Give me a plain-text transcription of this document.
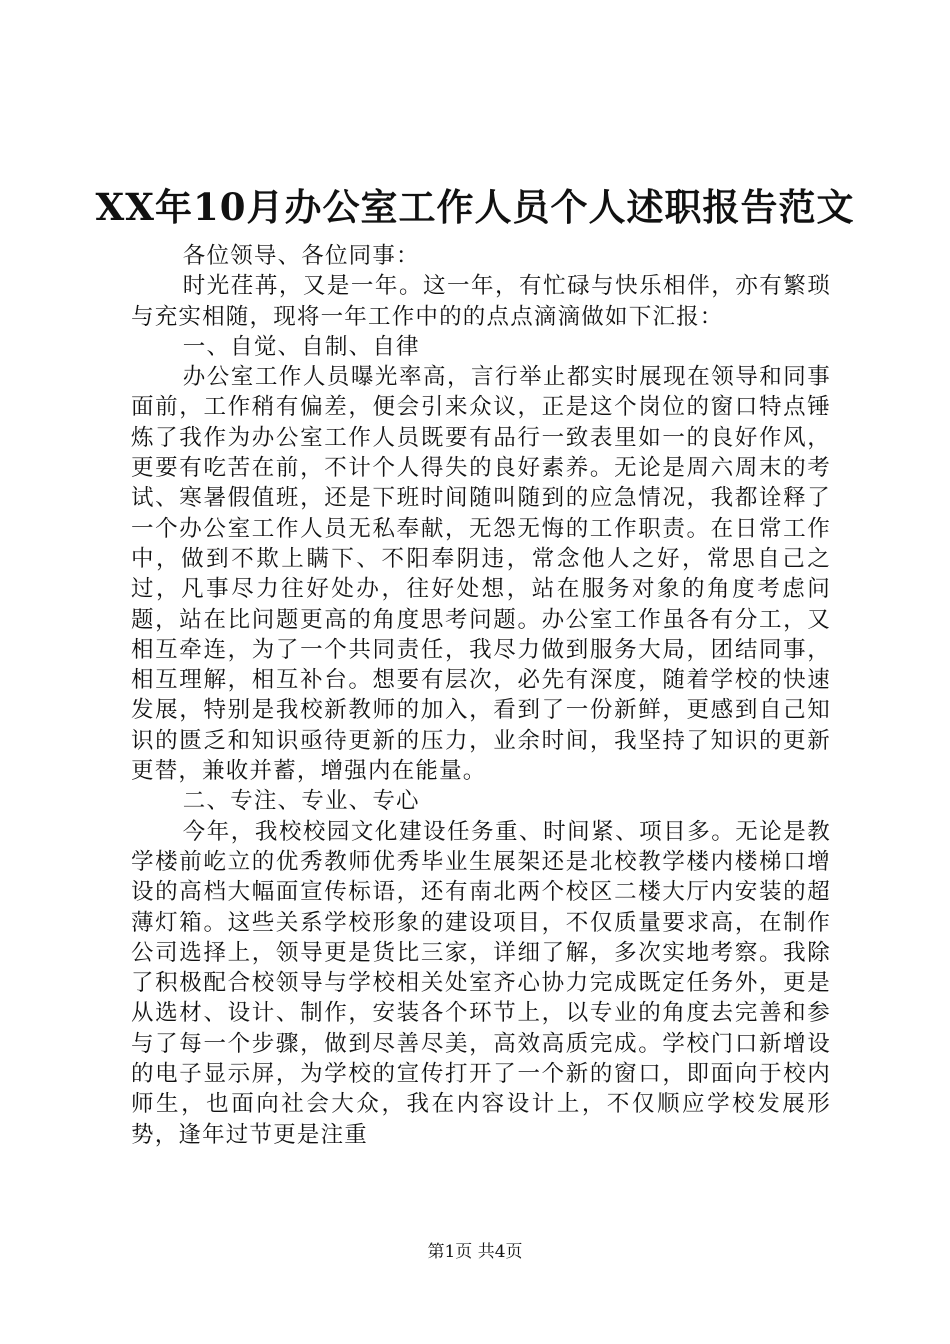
XX年10月办公室工作人员个人述职报告范文

各位领导、各位同事：

时光荏苒，又是一年。这一年，有忙碌与快乐相伴，亦有繁琐与充实相随，现将一年工作中的的点点滴滴做如下汇报：

一、自觉、自制、自律

办公室工作人员曝光率高，言行举止都实时展现在领导和同事面前，工作稍有偏差，便会引来众议，正是这个岗位的窗口特点锤炼了我作为办公室工作人员既要有品行一致表里如一的良好作风，更要有吃苦在前，不计个人得失的良好素养。无论是周六周末的考试、寒暑假值班，还是下班时间随叫随到的应急情况，我都诠释了一个办公室工作人员无私奉献，无怨无悔的工作职责。在日常工作中，做到不欺上瞒下、不阳奉阴违，常念他人之好，常思自己之过，凡事尽力往好处办，往好处想，站在服务对象的角度考虑问题，站在比问题更高的角度思考问题。办公室工作虽各有分工，又相互牵连，为了一个共同责任，我尽力做到服务大局，团结同事，相互理解，相互补台。想要有层次，必先有深度，随着学校的快速发展，特别是我校新教师的加入，看到了一份新鲜，更感到自己知识的匮乏和知识亟待更新的压力，业余时间，我坚持了知识的更新更替，兼收并蓄，增强内在能量。

二、专注、专业、专心

今年，我校校园文化建设任务重、时间紧、项目多。无论是教学楼前屹立的优秀教师优秀毕业生展架还是北校教学楼内楼梯口增设的高档大幅面宣传标语，还有南北两个校区二楼大厅内安装的超薄灯箱。这些关系学校形象的建设项目，不仅质量要求高，在制作公司选择上，领导更是货比三家，详细了解，多次实地考察。我除了积极配合校领导与学校相关处室齐心协力完成既定任务外，更是从选材、设计、制作，安装各个环节上，以专业的角度去完善和参与了每一个步骤，做到尽善尽美，高效高质完成。学校门口新增设的电子显示屏，为学校的宣传打开了一个新的窗口，即面向于校内师生，也面向社会大众，我在内容设计上，不仅顺应学校发展形势，逢年过节更是注重

第1页 共4页
